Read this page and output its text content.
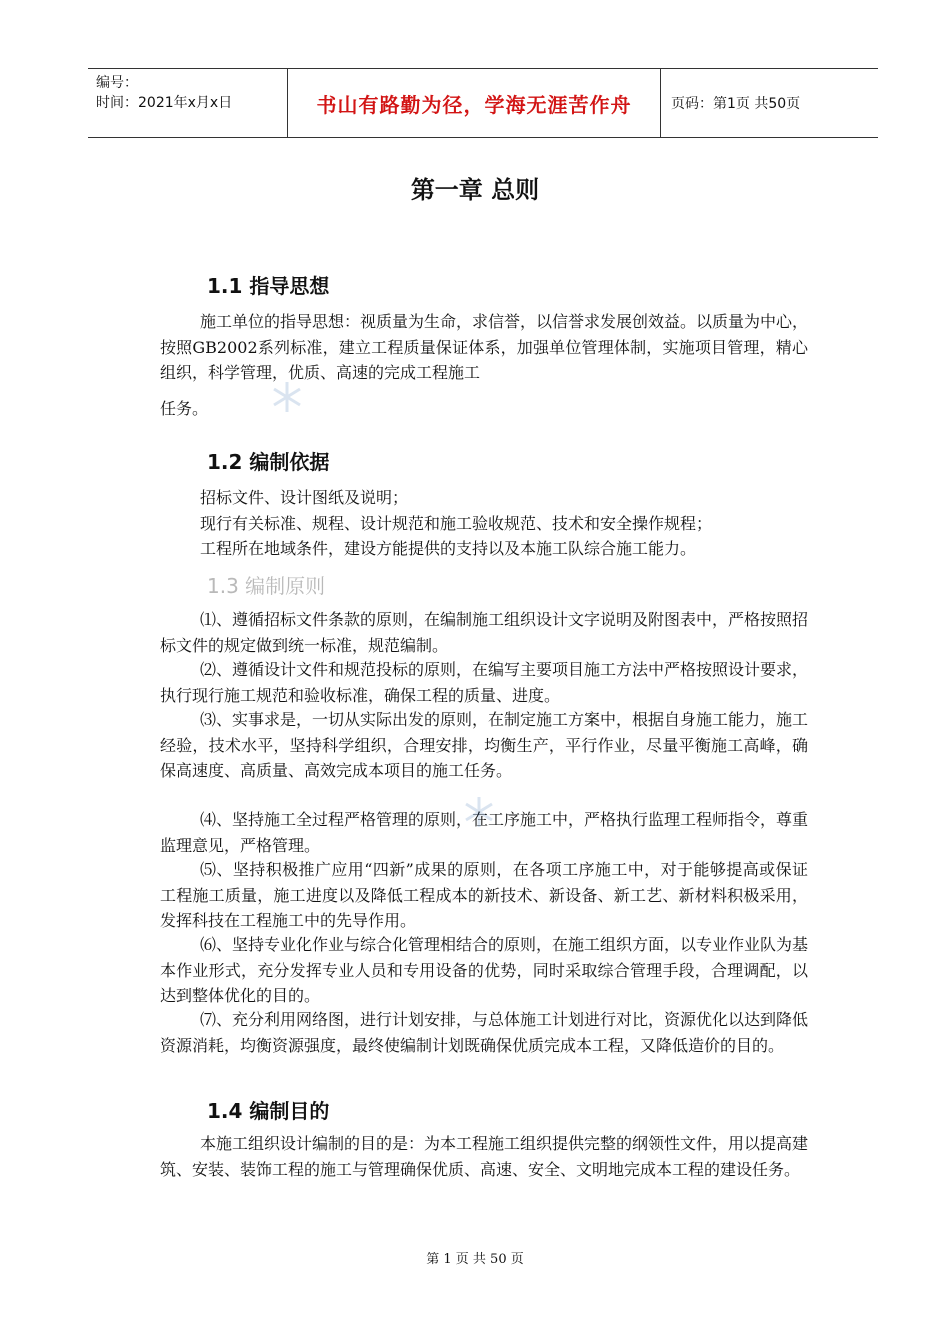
编号：
时间：2021年x月x日	书山有路勤为径，学海无涯苦作舟	页码：第1页 共50页
第一章 总则
1.1 指导思想
施工单位的指导思想：视质量为生命，求信誉，以信誉求发展创效益。以质量为中心，按照GB2002系列标准，建立工程质量保证体系，加强单位管理体制，实施项目管理，精心组织，科学管理，优质、高速的完成工程施工
任务。
1.2 编制依据
招标文件、设计图纸及说明；
现行有关标准、规程、设计规范和施工验收规范、技术和安全操作规程；
工程所在地域条件，建设方能提供的支持以及本施工队综合施工能力。
1.3 编制原则
⑴、遵循招标文件条款的原则，在编制施工组织设计文字说明及附图表中，严格按照招标文件的规定做到统一标准，规范编制。
⑵、遵循设计文件和规范投标的原则，在编写主要项目施工方法中严格按照设计要求，执行现行施工规范和验收标准，确保工程的质量、进度。
⑶、实事求是，一切从实际出发的原则，在制定施工方案中，根据自身施工能力，施工经验，技术水平，坚持科学组织，合理安排，均衡生产，平行作业，尽量平衡施工高峰，确保高速度、高质量、高效完成本项目的施工任务。
⑷、坚持施工全过程严格管理的原则，在工序施工中，严格执行监理工程师指令，尊重监理意见，严格管理。
⑸、坚持积极推广应用“四新”成果的原则，在各项工序施工中，对于能够提高或保证工程施工质量，施工进度以及降低工程成本的新技术、新设备、新工艺、新材料积极采用，发挥科技在工程施工中的先导作用。
⑹、坚持专业化作业与综合化管理相结合的原则，在施工组织方面，以专业作业队为基本作业形式，充分发挥专业人员和专用设备的优势，同时采取综合管理手段，合理调配，以达到整体优化的目的。
⑺、充分利用网络图，进行计划安排，与总体施工计划进行对比，资源优化以达到降低资源消耗，均衡资源强度，最终使编制计划既确保优质完成本工程，又降低造价的目的。
1.4 编制目的
本施工组织设计编制的目的是：为本工程施工组织提供完整的纲领性文件，用以提高建筑、安装、装饰工程的施工与管理确保优质、高速、安全、文明地完成本工程的建设任务。
第 1 页 共 50 页
